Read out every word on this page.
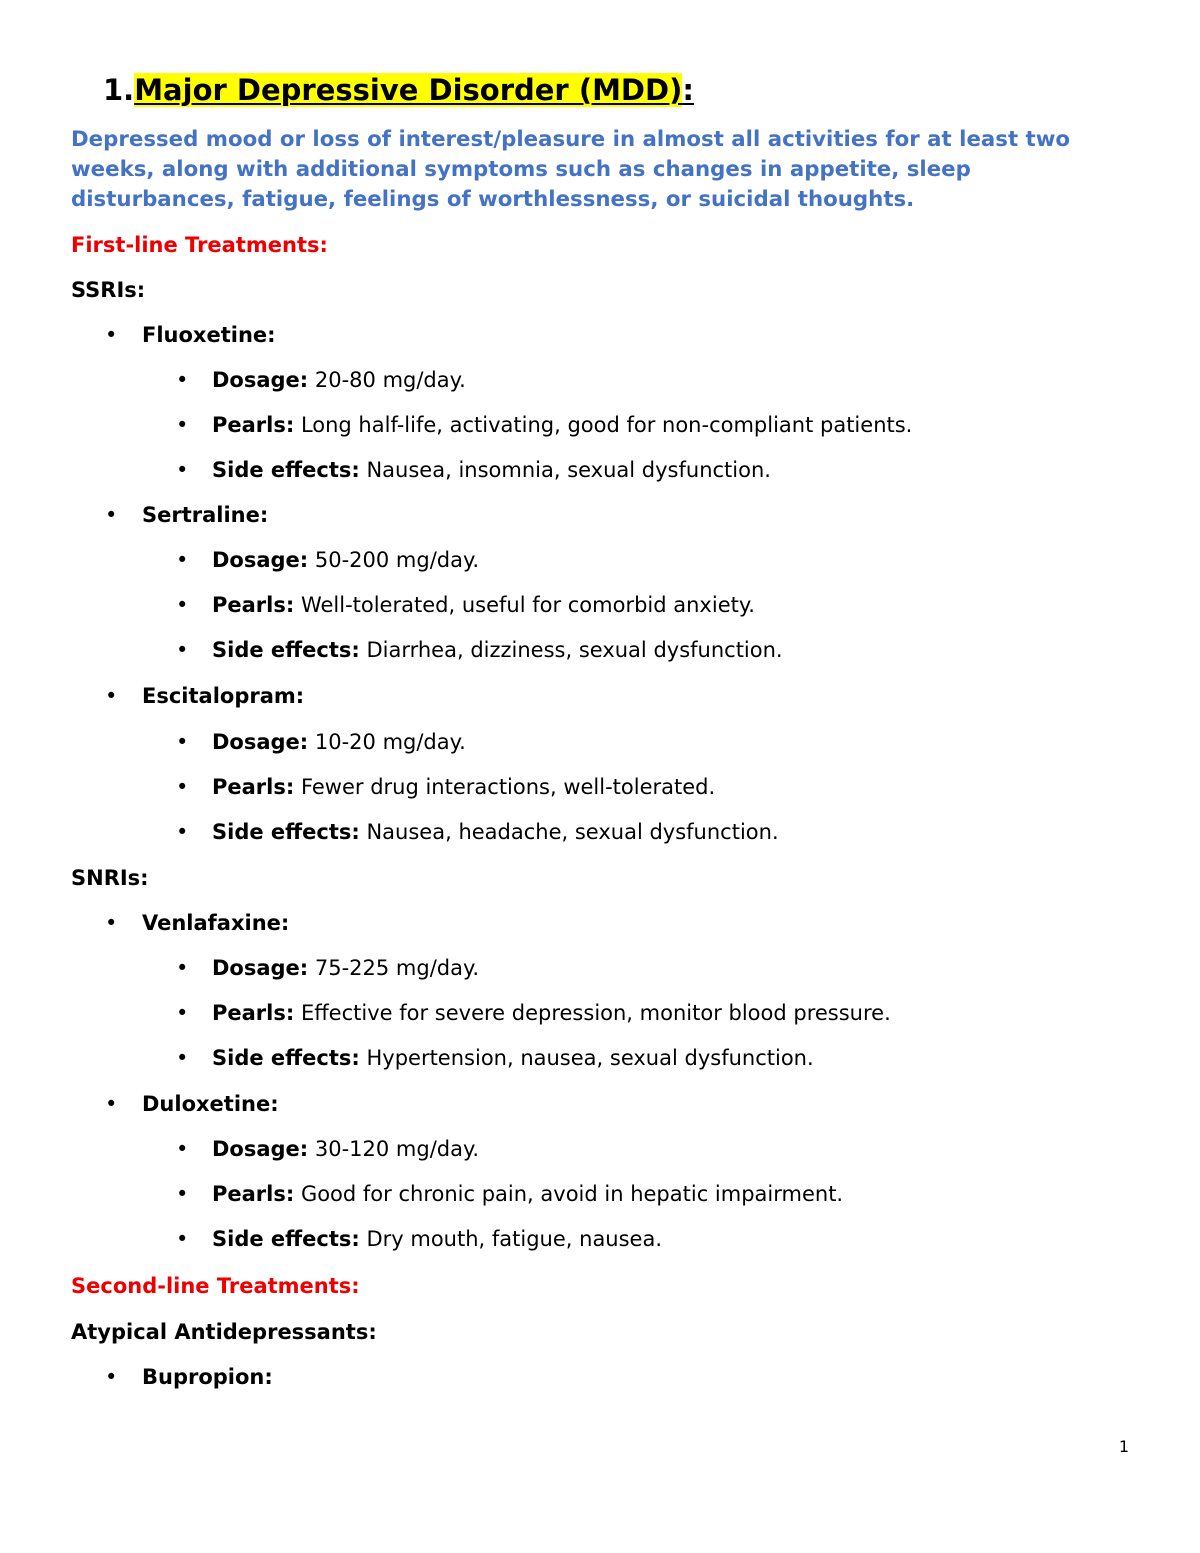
1.Major Depressive Disorder (MDD):
Depressed mood or loss of interest/pleasure in almost all activities for at least two weeks, along with additional symptoms such as changes in appetite, sleep disturbances, fatigue, feelings of worthlessness, or suicidal thoughts.
First-line Treatments:
SSRIs:
• Fluoxetine:
• Dosage: 20-80 mg/day.
• Pearls: Long half-life, activating, good for non-compliant patients.
• Side effects: Nausea, insomnia, sexual dysfunction.
• Sertraline:
• Dosage: 50-200 mg/day.
• Pearls: Well-tolerated, useful for comorbid anxiety.
• Side effects: Diarrhea, dizziness, sexual dysfunction.
• Escitalopram:
• Dosage: 10-20 mg/day.
• Pearls: Fewer drug interactions, well-tolerated.
• Side effects: Nausea, headache, sexual dysfunction.
SNRIs:
• Venlafaxine:
• Dosage: 75-225 mg/day.
• Pearls: Effective for severe depression, monitor blood pressure.
• Side effects: Hypertension, nausea, sexual dysfunction.
• Duloxetine:
• Dosage: 30-120 mg/day.
• Pearls: Good for chronic pain, avoid in hepatic impairment.
• Side effects: Dry mouth, fatigue, nausea.
Second-line Treatments:
Atypical Antidepressants:
• Bupropion:
1
